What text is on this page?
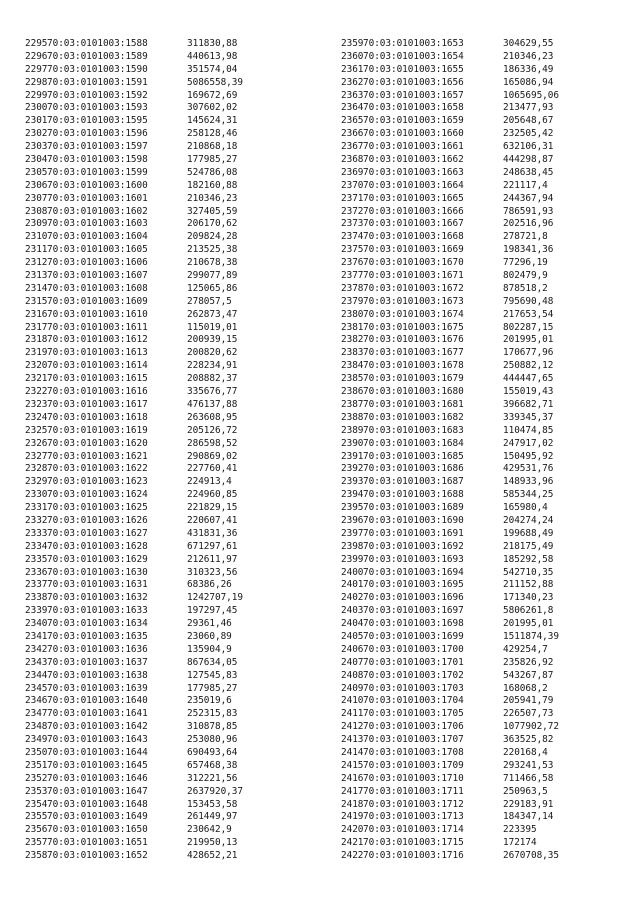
229570:03:0101003:1588	311830,88
229670:03:0101003:1589	440613,98
229770:03:0101003:1590	351574,04
229870:03:0101003:1591	5086558,39
229970:03:0101003:1592	169672,69
230070:03:0101003:1593	307602,02
230170:03:0101003:1595	145624,31
230270:03:0101003:1596	258128,46
230370:03:0101003:1597	210868,18
230470:03:0101003:1598	177985,27
230570:03:0101003:1599	524786,08
230670:03:0101003:1600	182160,88
230770:03:0101003:1601	210346,23
230870:03:0101003:1602	327405,59
230970:03:0101003:1603	206170,62
231070:03:0101003:1604	209824,28
231170:03:0101003:1605	213525,38
231270:03:0101003:1606	210678,38
231370:03:0101003:1607	299077,89
231470:03:0101003:1608	125065,86
231570:03:0101003:1609	278057,5
231670:03:0101003:1610	262873,47
231770:03:0101003:1611	115019,01
231870:03:0101003:1612	200939,15
231970:03:0101003:1613	200820,62
232070:03:0101003:1614	228234,91
232170:03:0101003:1615	208882,37
232270:03:0101003:1616	335676,77
232370:03:0101003:1617	476137,88
232470:03:0101003:1618	263608,95
232570:03:0101003:1619	205126,72
232670:03:0101003:1620	286598,52
232770:03:0101003:1621	290869,02
232870:03:0101003:1622	227760,41
232970:03:0101003:1623	224913,4
233070:03:0101003:1624	224960,85
233170:03:0101003:1625	221829,15
233270:03:0101003:1626	220607,41
233370:03:0101003:1627	431831,36
233470:03:0101003:1628	671297,61
233570:03:0101003:1629	212611,97
233670:03:0101003:1630	310323,56
233770:03:0101003:1631	68386,26
233870:03:0101003:1632	1242707,19
233970:03:0101003:1633	197297,45
234070:03:0101003:1634	29361,46
234170:03:0101003:1635	23060,89
234270:03:0101003:1636	135904,9
234370:03:0101003:1637	867634,05
234470:03:0101003:1638	127545,83
234570:03:0101003:1639	177985,27
234670:03:0101003:1640	235019,6
234770:03:0101003:1641	252315,83
234870:03:0101003:1642	310878,85
234970:03:0101003:1643	253080,96
235070:03:0101003:1644	690493,64
235170:03:0101003:1645	657468,38
235270:03:0101003:1646	312221,56
235370:03:0101003:1647	2637920,37
235470:03:0101003:1648	153453,58
235570:03:0101003:1649	261449,97
235670:03:0101003:1650	230642,9
235770:03:0101003:1651	219950,13
235870:03:0101003:1652	428652,21
235970:03:0101003:1653	304629,55
236070:03:0101003:1654	210346,23
236170:03:0101003:1655	186336,49
236270:03:0101003:1656	165086,94
236370:03:0101003:1657	1065695,06
236470:03:0101003:1658	213477,93
236570:03:0101003:1659	205648,67
236670:03:0101003:1660	232505,42
236770:03:0101003:1661	632106,31
236870:03:0101003:1662	444298,87
236970:03:0101003:1663	248638,45
237070:03:0101003:1664	221117,4
237170:03:0101003:1665	244367,94
237270:03:0101003:1666	786591,93
237370:03:0101003:1667	202516,96
237470:03:0101003:1668	278721,8
237570:03:0101003:1669	198341,36
237670:03:0101003:1670	77296,19
237770:03:0101003:1671	802479,9
237870:03:0101003:1672	878518,2
237970:03:0101003:1673	795690,48
238070:03:0101003:1674	217653,54
238170:03:0101003:1675	802287,15
238270:03:0101003:1676	201995,01
238370:03:0101003:1677	170677,96
238470:03:0101003:1678	250882,12
238570:03:0101003:1679	444447,65
238670:03:0101003:1680	155019,43
238770:03:0101003:1681	396682,71
238870:03:0101003:1682	339345,37
238970:03:0101003:1683	110474,85
239070:03:0101003:1684	247917,02
239170:03:0101003:1685	150495,92
239270:03:0101003:1686	429531,76
239370:03:0101003:1687	148933,96
239470:03:0101003:1688	585344,25
239570:03:0101003:1689	165980,4
239670:03:0101003:1690	204274,24
239770:03:0101003:1691	199688,49
239870:03:0101003:1692	218175,49
239970:03:0101003:1693	185292,58
240070:03:0101003:1694	542710,35
240170:03:0101003:1695	211152,88
240270:03:0101003:1696	171340,23
240370:03:0101003:1697	5806261,8
240470:03:0101003:1698	201995,01
240570:03:0101003:1699	1511874,39
240670:03:0101003:1700	429254,7
240770:03:0101003:1701	235826,92
240870:03:0101003:1702	543267,87
240970:03:0101003:1703	168068,2
241070:03:0101003:1704	205941,79
241170:03:0101003:1705	226507,73
241270:03:0101003:1706	1077902,72
241370:03:0101003:1707	363525,82
241470:03:0101003:1708	220168,4
241570:03:0101003:1709	293241,53
241670:03:0101003:1710	711466,58
241770:03:0101003:1711	250963,5
241870:03:0101003:1712	229183,91
241970:03:0101003:1713	184347,14
242070:03:0101003:1714	223395
242170:03:0101003:1715	172174
242270:03:0101003:1716	2670708,35
